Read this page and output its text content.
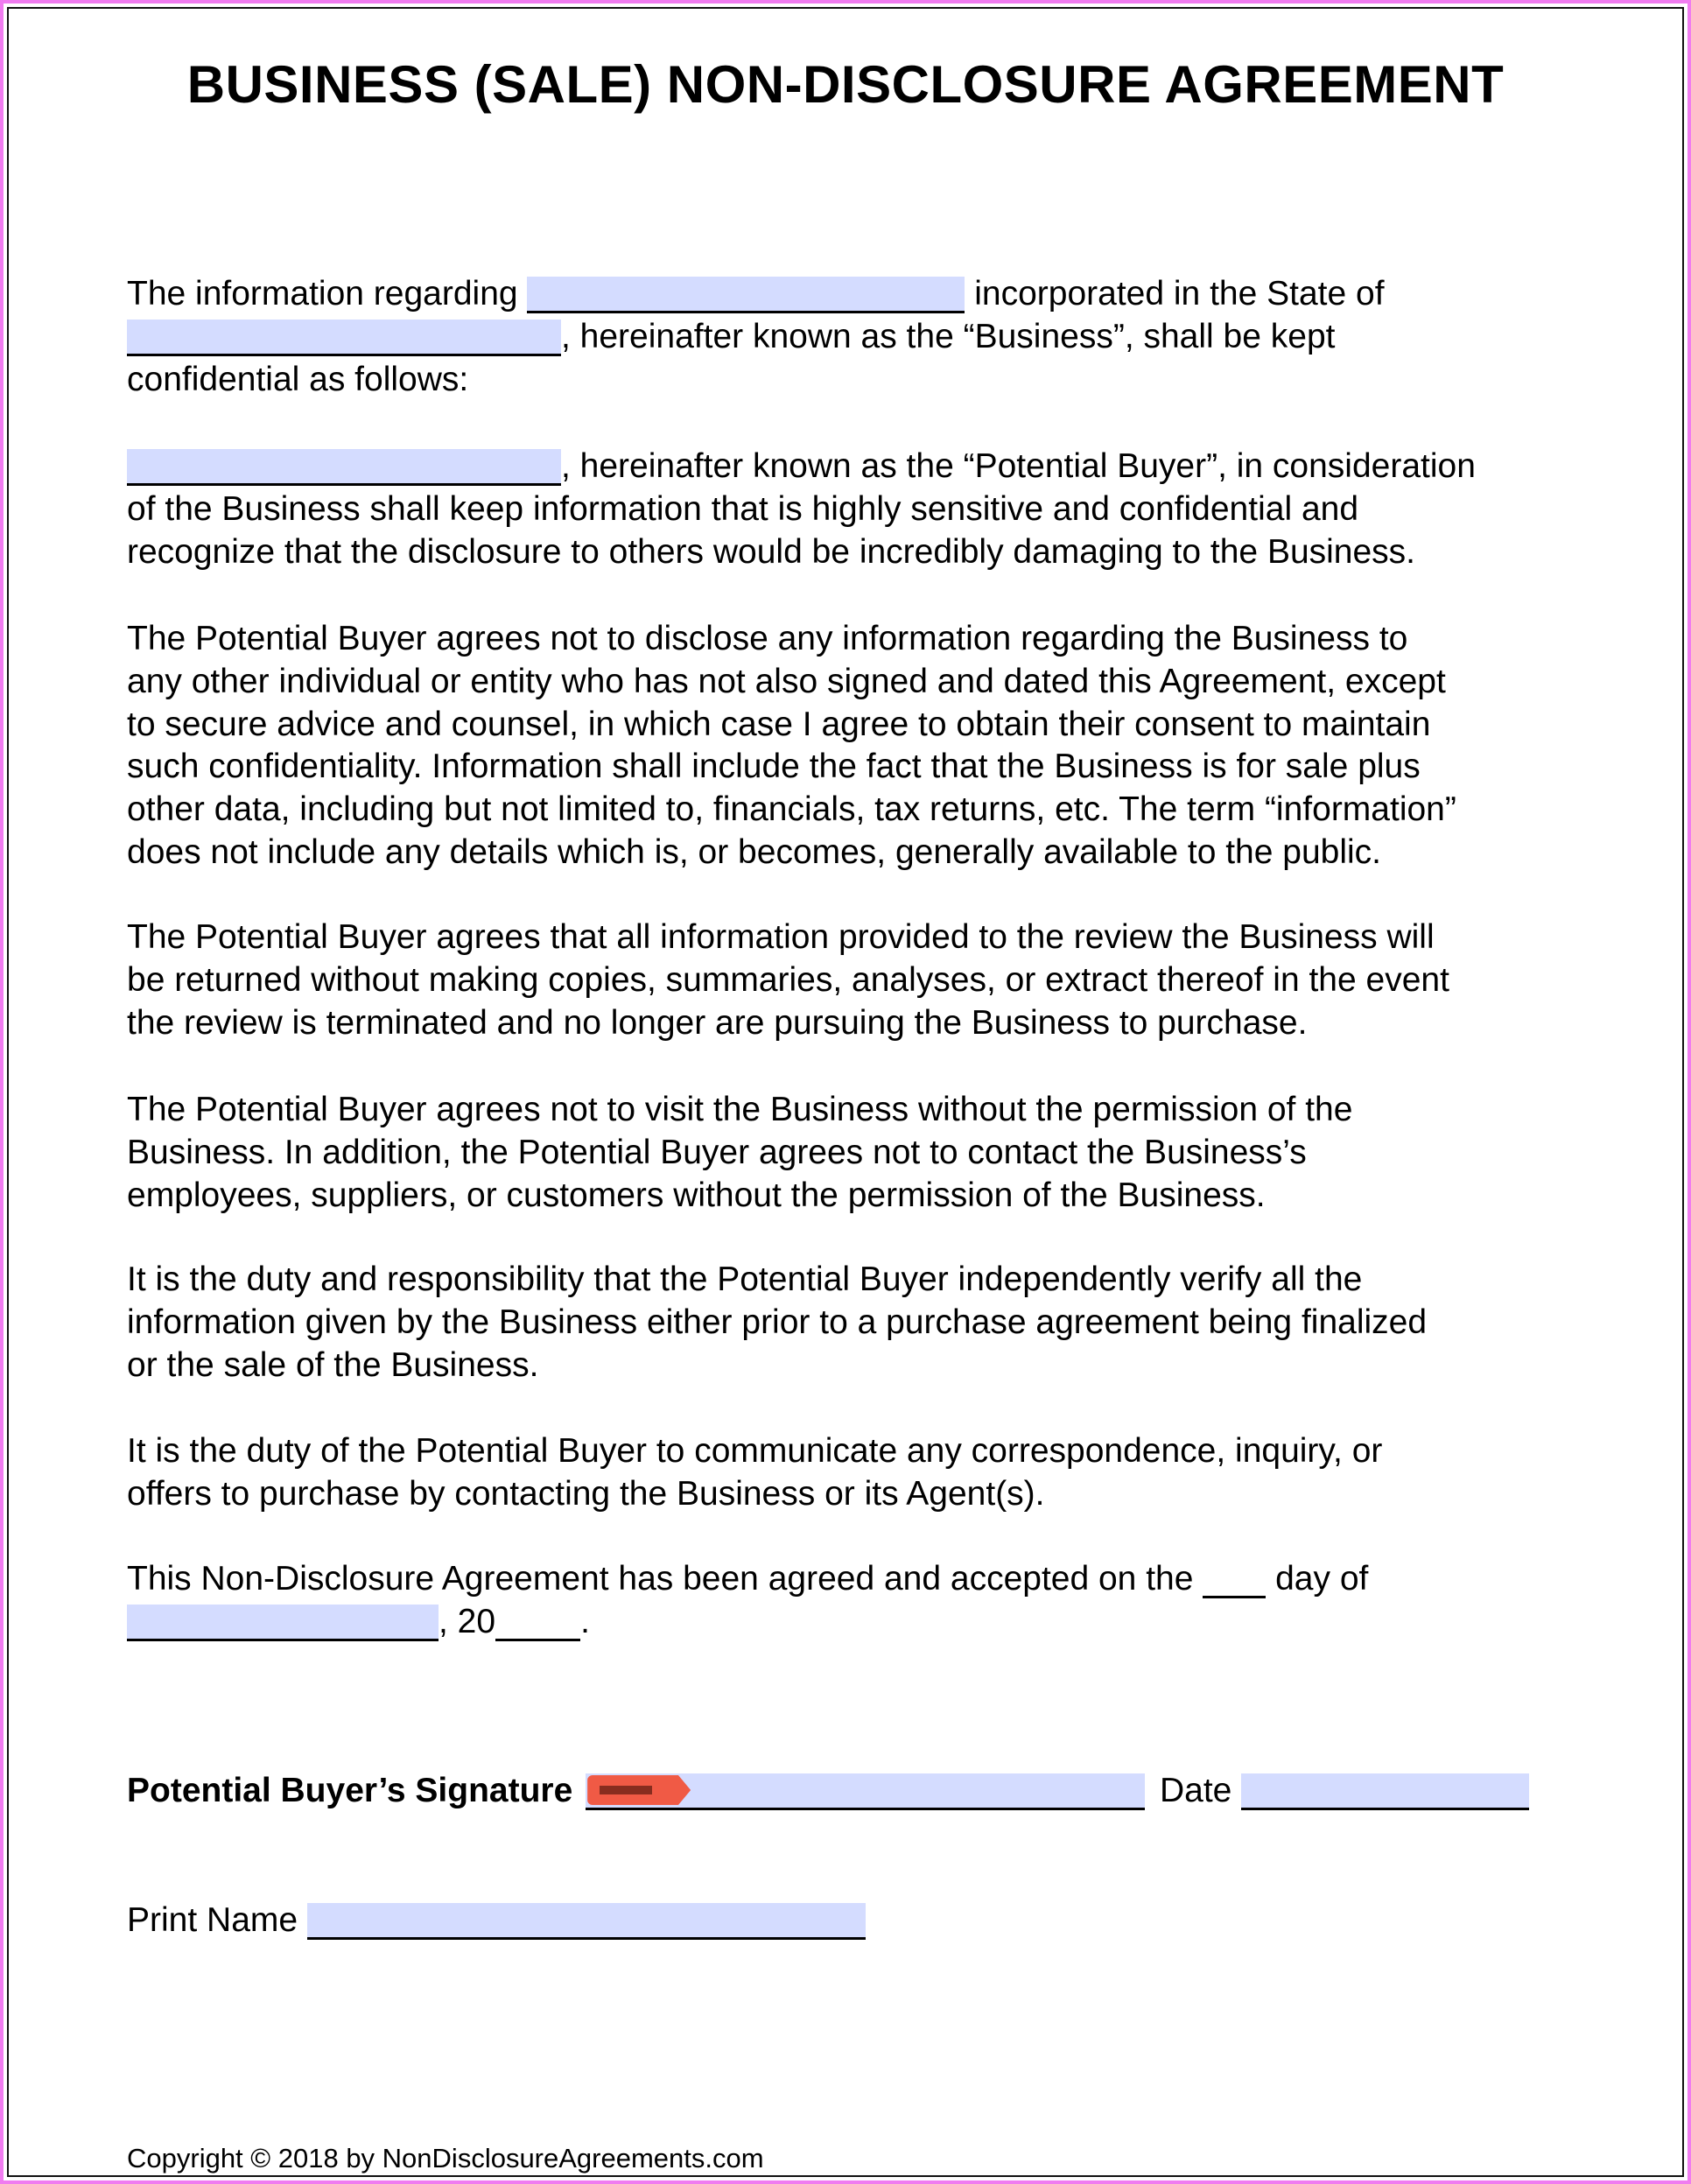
BUSINESS (SALE) NON-DISCLOSURE AGREEMENT
The information regarding	incorporated in the State of
, hereinafter known as the “Business”, shall be kept
confidential as follows:
, hereinafter known as the “Potential Buyer”, in consideration
of the Business shall keep information that is highly sensitive and confidential and
recognize that the disclosure to others would be incredibly damaging to the Business.
The Potential Buyer agrees not to disclose any information regarding the Business to
any other individual or entity who has not also signed and dated this Agreement, except
to secure advice and counsel, in which case I agree to obtain their consent to maintain
such confidentiality. Information shall include the fact that the Business is for sale plus
other data, including but not limited to, financials, tax returns, etc. The term “information”
does not include any details which is, or becomes, generally available to the public.
The Potential Buyer agrees that all information provided to the review the Business will
be returned without making copies, summaries, analyses, or extract thereof in the event
the review is terminated and no longer are pursuing the Business to purchase.
The Potential Buyer agrees not to visit the Business without the permission of the
Business. In addition, the Potential Buyer agrees not to contact the Business’s
employees, suppliers, or customers without the permission of the Business.
It is the duty and responsibility that the Potential Buyer independently verify all the
information given by the Business either prior to a purchase agreement being finalized
or the sale of the Business.
It is the duty of the Potential Buyer to communicate any correspondence, inquiry, or
offers to purchase by contacting the Business or its Agent(s).
This Non-Disclosure Agreement has been agreed and accepted on the  day of
, 20 .
Potential Buyer’s Signature	Date
Print Name
Copyright © 2018 by NonDisclosureAgreements.com
